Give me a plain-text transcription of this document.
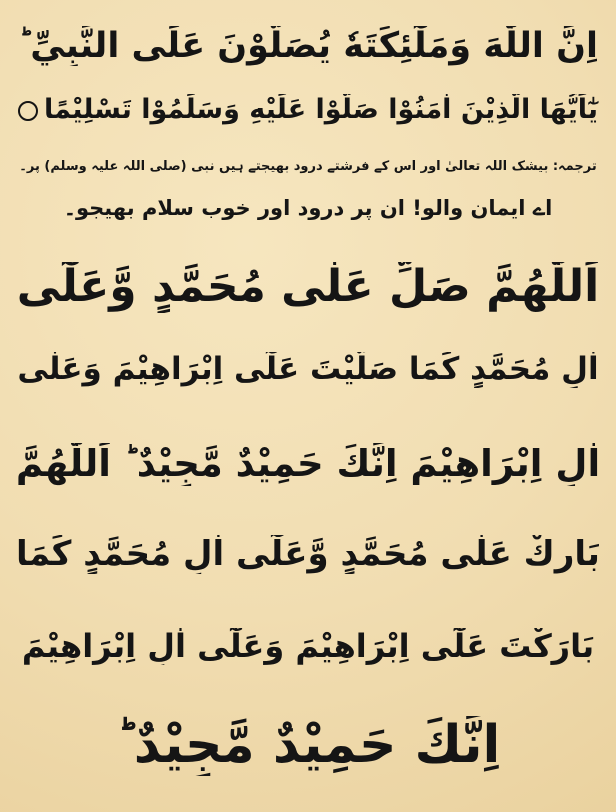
اِنَّ اللّٰهَ وَمَلٰٓئِكَتَهٗ يُصَلُّوْنَ عَلَى النَّبِيِّ ؕ
يٰٓاَيُّهَا الَّذِيْنَ اٰمَنُوْا صَلُّوْا عَلَيْهِ وَسَلِّمُوْا تَسْلِيْمًا
ترجمہ: بیشک اللہ تعالیٰ اور اس کے فرشتے درود بھیجتے ہیں نبی (صلی اللہ علیہ وسلم) پر۔
اے ایمان والو! ان پر درود اور خوب سلام بھیجو۔
اَللّٰهُمَّ صَلِّ عَلٰى مُحَمَّدٍ وَّعَلٰٓى
اٰلِ مُحَمَّدٍ كَمَا صَلَّيْتَ عَلٰٓى اِبْرَاهِيْمَ وَعَلٰى
اٰلِ اِبْرَاهِيْمَ اِنَّكَ حَمِيْدٌ مَّجِيْدٌ ؕ اَللّٰهُمَّ
بَارِكْ عَلٰى مُحَمَّدٍ وَّعَلٰٓى اٰلِ مُحَمَّدٍ كَمَا
بَارَكْتَ عَلٰٓى اِبْرَاهِيْمَ وَعَلٰٓى اٰلِ اِبْرَاهِيْمَ
اِنَّكَ حَمِيْدٌ مَّجِيْدٌ ؕ
